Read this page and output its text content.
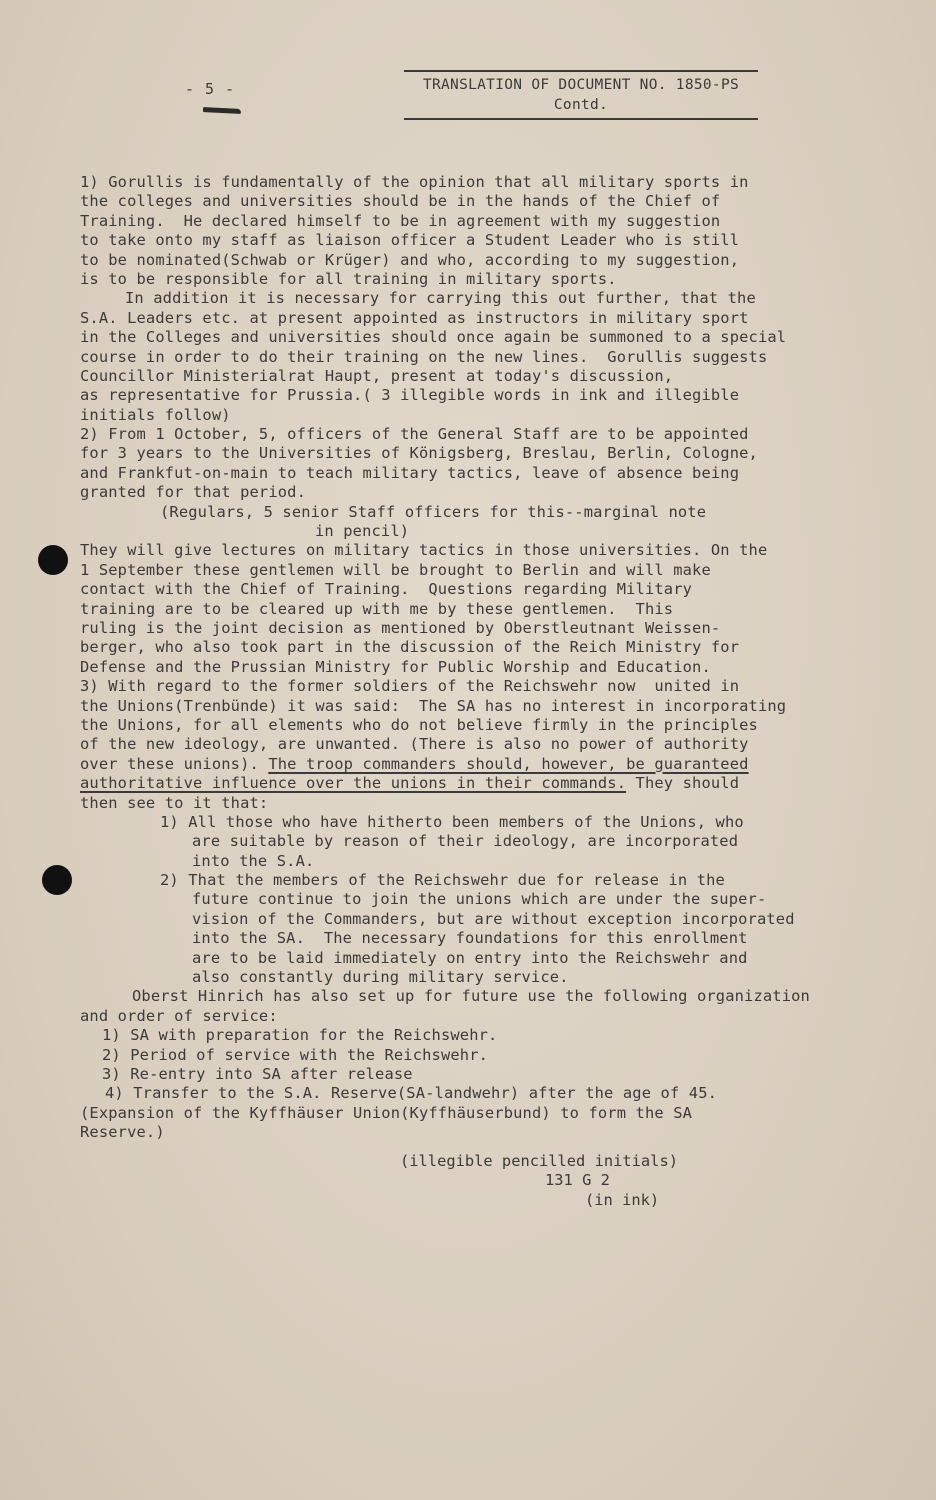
- 5 -	TRANSLATION OF DOCUMENT NO. 1850-PS
Contd.
1) Gorullis is fundamentally of the opinion that all military sports in
the colleges and universities should be in the hands of the Chief of
Training.  He declared himself to be in agreement with my suggestion
to take onto my staff as liaison officer a Student Leader who is still
to be nominated(Schwab or Krüger) and who, according to my suggestion,
is to be responsible for all training in military sports.
In addition it is necessary for carrying this out further, that the
S.A. Leaders etc. at present appointed as instructors in military sport
in the Colleges and universities should once again be summoned to a special
course in order to do their training on the new lines.  Gorullis suggests
Councillor Ministerialrat Haupt, present at today's discussion,
as representative for Prussia.( 3 illegible words in ink and illegible
initials follow)
2) From 1 October, 5, officers of the General Staff are to be appointed
for 3 years to the Universities of Königsberg, Breslau, Berlin, Cologne,
and Frankfut-on-main to teach military tactics, leave of absence being
granted for that period.
(Regulars, 5 senior Staff officers for this--marginal note
in pencil)
They will give lectures on military tactics in those universities. On the
1 September these gentlemen will be brought to Berlin and will make
contact with the Chief of Training.  Questions regarding Military
training are to be cleared up with me by these gentlemen.  This
ruling is the joint decision as mentioned by Oberstleutnant Weissen-
berger, who also took part in the discussion of the Reich Ministry for
Defense and the Prussian Ministry for Public Worship and Education.
3) With regard to the former soldiers of the Reichswehr now  united in
the Unions(Trenbünde) it was said:  The SA has no interest in incorporating
the Unions, for all elements who do not believe firmly in the principles
of the new ideology, are unwanted. (There is also no power of authority
over these unions). The troop commanders should, however, be guaranteed
authoritative influence over the unions in their commands. They should
then see to it that:
1) All those who have hitherto been members of the Unions, who
are suitable by reason of their ideology, are incorporated
into the S.A.
2) That the members of the Reichswehr due for release in the
future continue to join the unions which are under the super-
vision of the Commanders, but are without exception incorporated
into the SA.  The necessary foundations for this enrollment
are to be laid immediately on entry into the Reichswehr and
also constantly during military service.
Oberst Hinrich has also set up for future use the following organization
and order of service:
1) SA with preparation for the Reichswehr.
2) Period of service with the Reichswehr.
3) Re-entry into SA after release
4) Transfer to the S.A. Reserve(SA-landwehr) after the age of 45.
(Expansion of the Kyffhäuser Union(Kyffhäuserbund) to form the SA
Reserve.)
(illegible pencilled initials)
131 G 2
(in ink)
